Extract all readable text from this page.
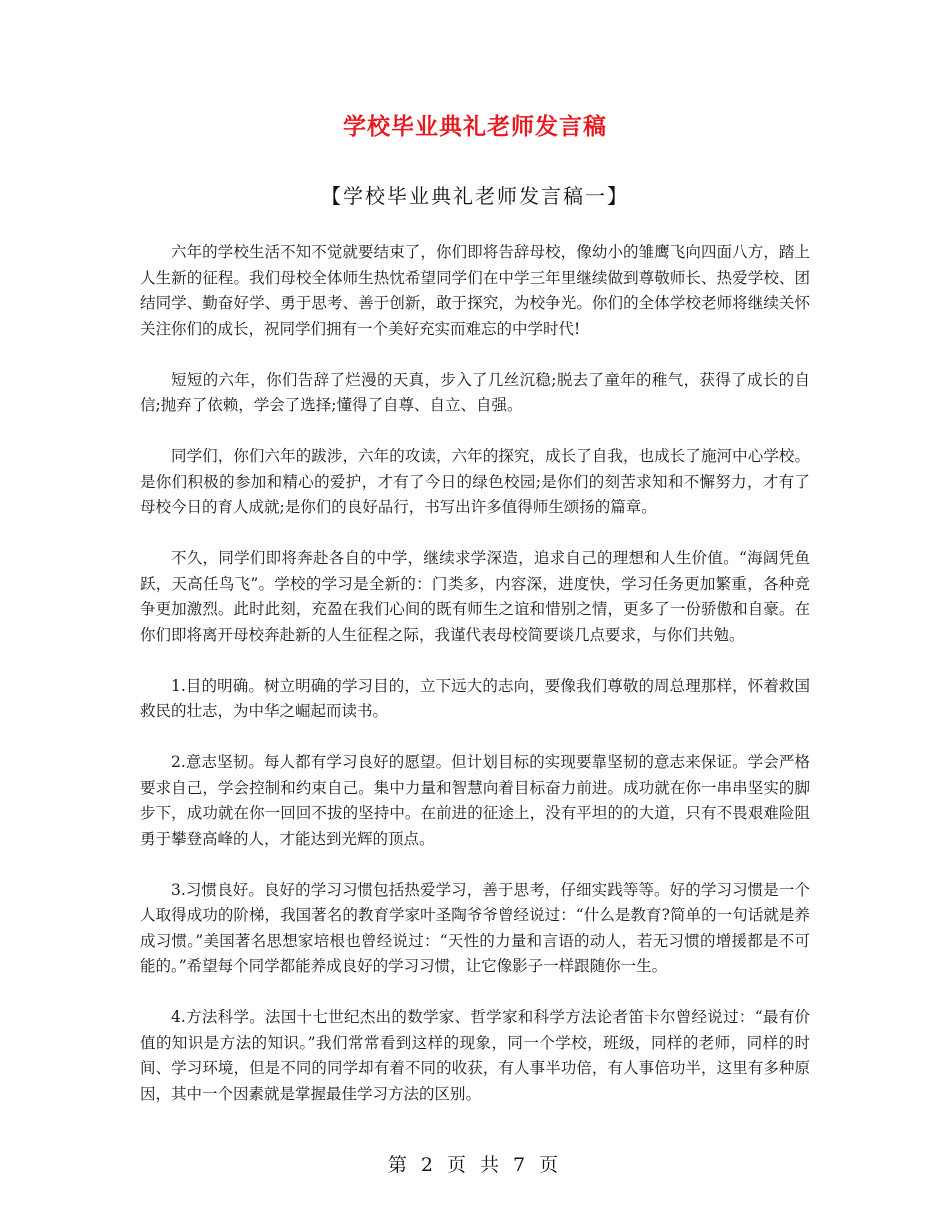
学校毕业典礼老师发言稿
【学校毕业典礼老师发言稿一】

六年的学校生活不知不觉就要结束了，你们即将告辞母校，像幼小的雏鹰飞向四面八方，踏上人生新的征程。我们母校全体师生热忱希望同学们在中学三年里继续做到尊敬师长、热爱学校、团结同学、勤奋好学、勇于思考、善于创新，敢于探究，为校争光。你们的全体学校老师将继续关怀关注你们的成长，祝同学们拥有一个美好充实而难忘的中学时代!

短短的六年，你们告辞了烂漫的天真，步入了几丝沉稳;脱去了童年的稚气，获得了成长的自信;抛弃了依赖，学会了选择;懂得了自尊、自立、自强。

同学们，你们六年的跋涉，六年的攻读，六年的探究，成长了自我，也成长了施河中心学校。是你们积极的参加和精心的爱护，才有了今日的绿色校园;是你们的刻苦求知和不懈努力，才有了母校今日的育人成就;是你们的良好品行，书写出许多值得师生颂扬的篇章。

不久，同学们即将奔赴各自的中学，继续求学深造，追求自己的理想和人生价值。“海阔凭鱼跃，天高任鸟飞”。学校的学习是全新的：门类多，内容深，进度快，学习任务更加繁重，各种竞争更加激烈。此时此刻，充盈在我们心间的既有师生之谊和惜别之情，更多了一份骄傲和自豪。在你们即将离开母校奔赴新的人生征程之际，我谨代表母校简要谈几点要求，与你们共勉。

1.目的明确。树立明确的学习目的，立下远大的志向，要像我们尊敬的周总理那样，怀着救国救民的壮志，为中华之崛起而读书。

2.意志坚韧。每人都有学习良好的愿望。但计划目标的实现要靠坚韧的意志来保证。学会严格要求自己，学会控制和约束自己。集中力量和智慧向着目标奋力前进。成功就在你一串串坚实的脚步下，成功就在你一回回不拔的坚持中。在前进的征途上，没有平坦的的大道，只有不畏艰难险阻勇于攀登高峰的人，才能达到光辉的顶点。

3.习惯良好。良好的学习习惯包括热爱学习，善于思考，仔细实践等等。好的学习习惯是一个人取得成功的阶梯，我国著名的教育学家叶圣陶爷爷曾经说过：“什么是教育?简单的一句话就是养成习惯。”美国著名思想家培根也曾经说过：“天性的力量和言语的动人，若无习惯的增援都是不可能的。”希望每个同学都能养成良好的学习习惯，让它像影子一样跟随你一生。

4.方法科学。法国十七世纪杰出的数学家、哲学家和科学方法论者笛卡尔曾经说过：“最有价值的知识是方法的知识。”我们常常看到这样的现象，同一个学校，班级，同样的老师，同样的时间、学习环境，但是不同的同学却有着不同的收获，有人事半功倍，有人事倍功半，这里有多种原因，其中一个因素就是掌握最佳学习方法的区别。

第 2 页 共 7 页
